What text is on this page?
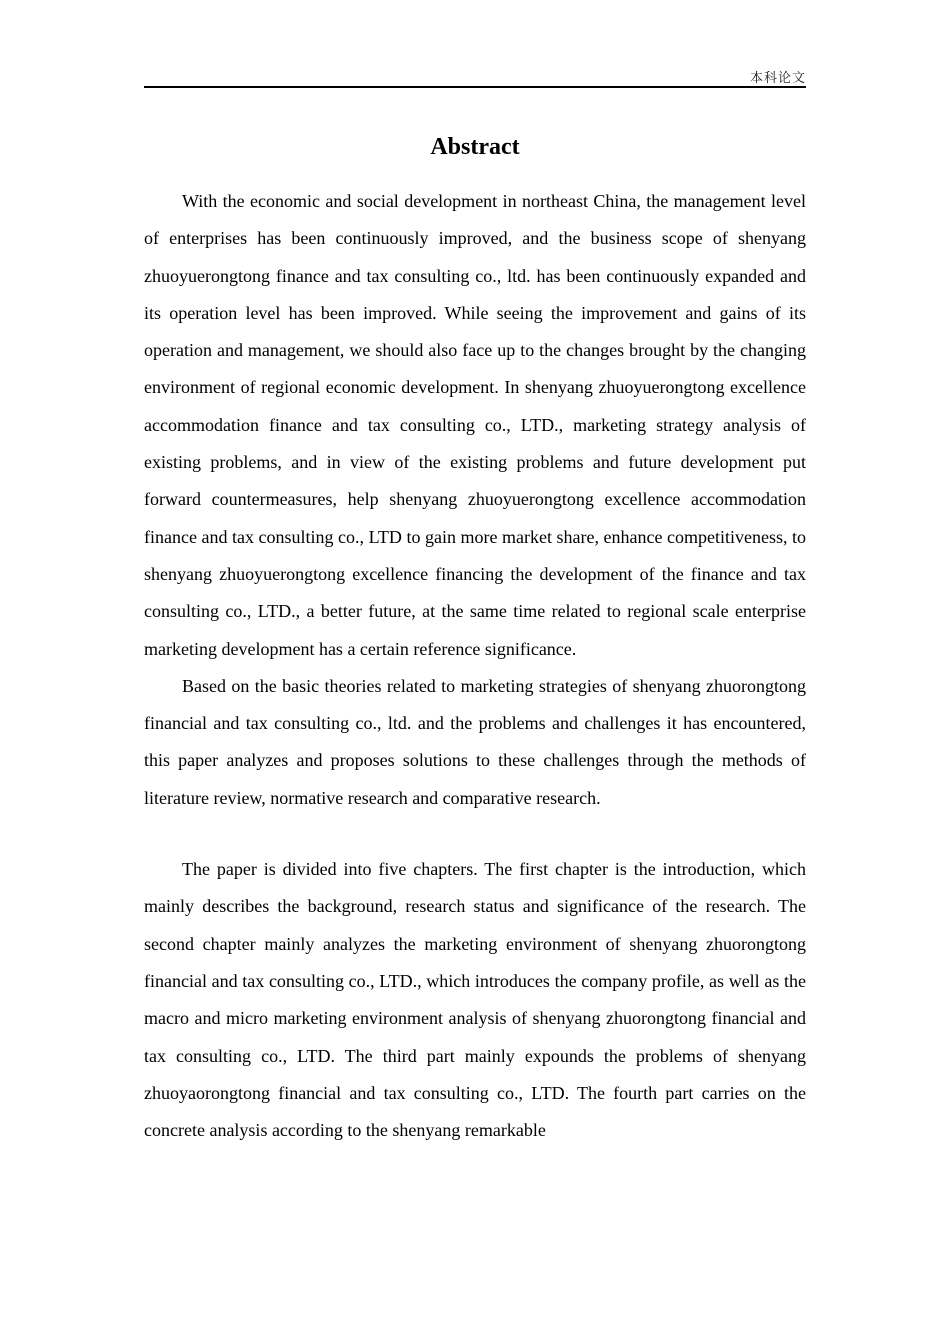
本科论文
Abstract

With the economic and social development in northeast China, the management level of enterprises has been continuously improved, and the business scope of shenyang zhuoyuerongtong finance and tax consulting co., ltd. has been continuously expanded and its operation level has been improved. While seeing the improvement and gains of its operation and management, we should also face up to the changes brought by the changing environment of regional economic development. In shenyang zhuoyuerongtong excellence accommodation finance and tax consulting co., LTD., marketing strategy analysis of existing problems, and in view of the existing problems and future development put forward countermeasures, help shenyang zhuoyuerongtong excellence accommodation finance and tax consulting co., LTD to gain more market share, enhance competitiveness, to shenyang zhuoyuerongtong excellence financing the development of the finance and tax consulting co., LTD., a better future, at the same time related to regional scale enterprise marketing development has a certain reference significance.

Based on the basic theories related to marketing strategies of shenyang zhuorongtong financial and tax consulting co., ltd. and the problems and challenges it has encountered, this paper analyzes and proposes solutions to these challenges through the methods of literature review, normative research and comparative research.

The paper is divided into five chapters. The first chapter is the introduction, which mainly describes the background, research status and significance of the research. The second chapter mainly analyzes the marketing environment of shenyang zhuorongtong financial and tax consulting co., LTD., which introduces the company profile, as well as the macro and micro marketing environment analysis of shenyang zhuorongtong financial and tax consulting co., LTD. The third part mainly expounds the problems of shenyang zhuoyaorongtong financial and tax consulting co., LTD. The fourth part carries on the concrete analysis according to the shenyang remarkable
